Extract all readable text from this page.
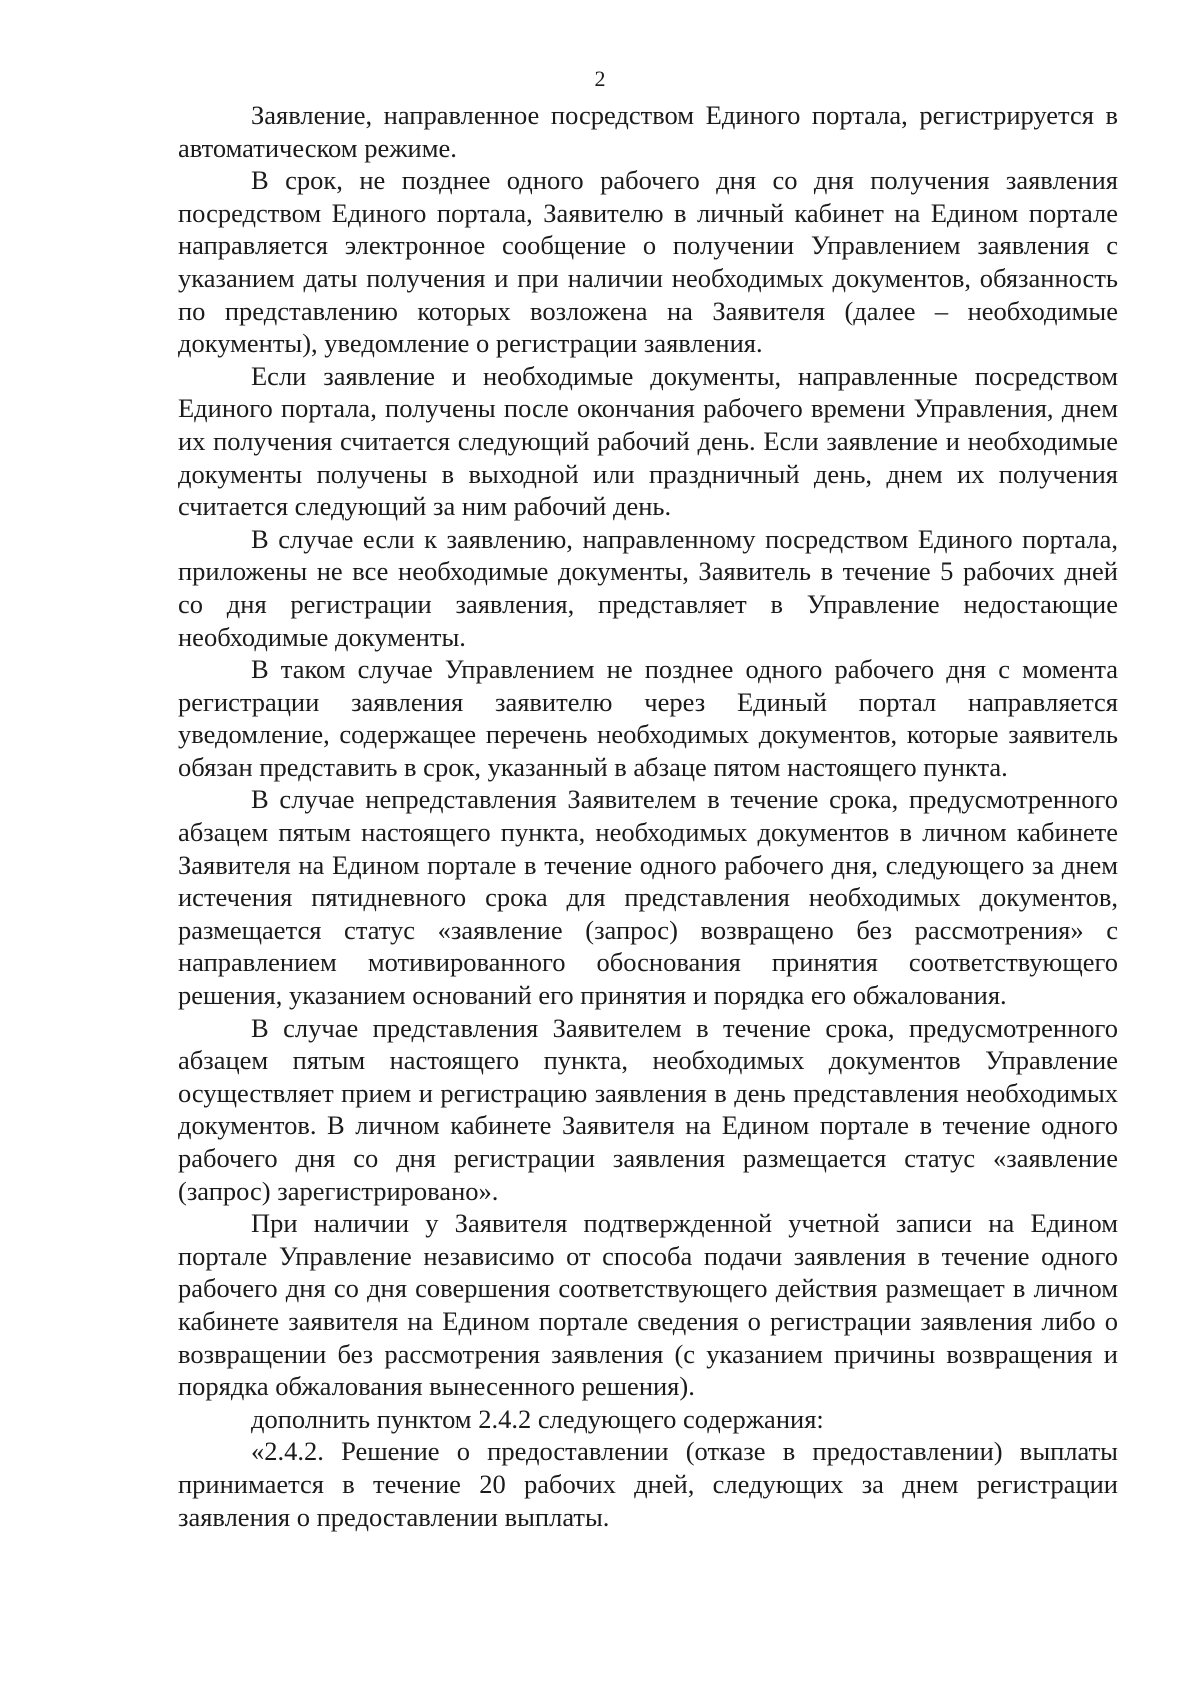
2

Заявление, направленное посредством Единого портала, регистрируется в автоматическом режиме.

В срок, не позднее одного рабочего дня со дня получения заявления посредством Единого портала, Заявителю в личный кабинет на Едином портале направляется электронное сообщение о получении Управлением заявления с указанием даты получения и при наличии необходимых документов, обязанность по представлению которых возложена на Заявителя (далее – необходимые документы), уведомление о регистрации заявления.

Если заявление и необходимые документы, направленные посредством Единого портала, получены после окончания рабочего времени Управления, днем их получения считается следующий рабочий день. Если заявление и необходимые документы получены в выходной или праздничный день, днем их получения считается следующий за ним рабочий день.

В случае если к заявлению, направленному посредством Единого портала, приложены не все необходимые документы, Заявитель в течение 5 рабочих дней со дня регистрации заявления, представляет в Управление недостающие необходимые документы.

В таком случае Управлением не позднее одного рабочего дня с момента регистрации заявления заявителю через Единый портал направляется уведомление, содержащее перечень необходимых документов, которые заявитель обязан представить в срок, указанный в абзаце пятом настоящего пункта.

В случае непредставления Заявителем в течение срока, предусмотренного абзацем пятым настоящего пункта, необходимых документов в личном кабинете Заявителя на Едином портале в течение одного рабочего дня, следующего за днем истечения пятидневного срока для представления необходимых документов, размещается статус «заявление (запрос) возвращено без рассмотрения» с направлением мотивированного обоснования принятия соответствующего решения, указанием оснований его принятия и порядка его обжалования.

В случае представления Заявителем в течение срока, предусмотренного абзацем пятым настоящего пункта, необходимых документов Управление осуществляет прием и регистрацию заявления в день представления необходимых документов. В личном кабинете Заявителя на Едином портале в течение одного рабочего дня со дня регистрации заявления размещается статус «заявление (запрос) зарегистрировано».

При наличии у Заявителя подтвержденной учетной записи на Едином портале Управление независимо от способа подачи заявления в течение одного рабочего дня со дня совершения соответствующего действия размещает в личном кабинете заявителя на Едином портале сведения о регистрации заявления либо о возвращении без рассмотрения заявления (с указанием причины возвращения и порядка обжалования вынесенного решения).

дополнить пунктом 2.4.2 следующего содержания:

«2.4.2. Решение о предоставлении (отказе в предоставлении) выплаты принимается в течение 20 рабочих дней, следующих за днем регистрации заявления о предоставлении выплаты.
